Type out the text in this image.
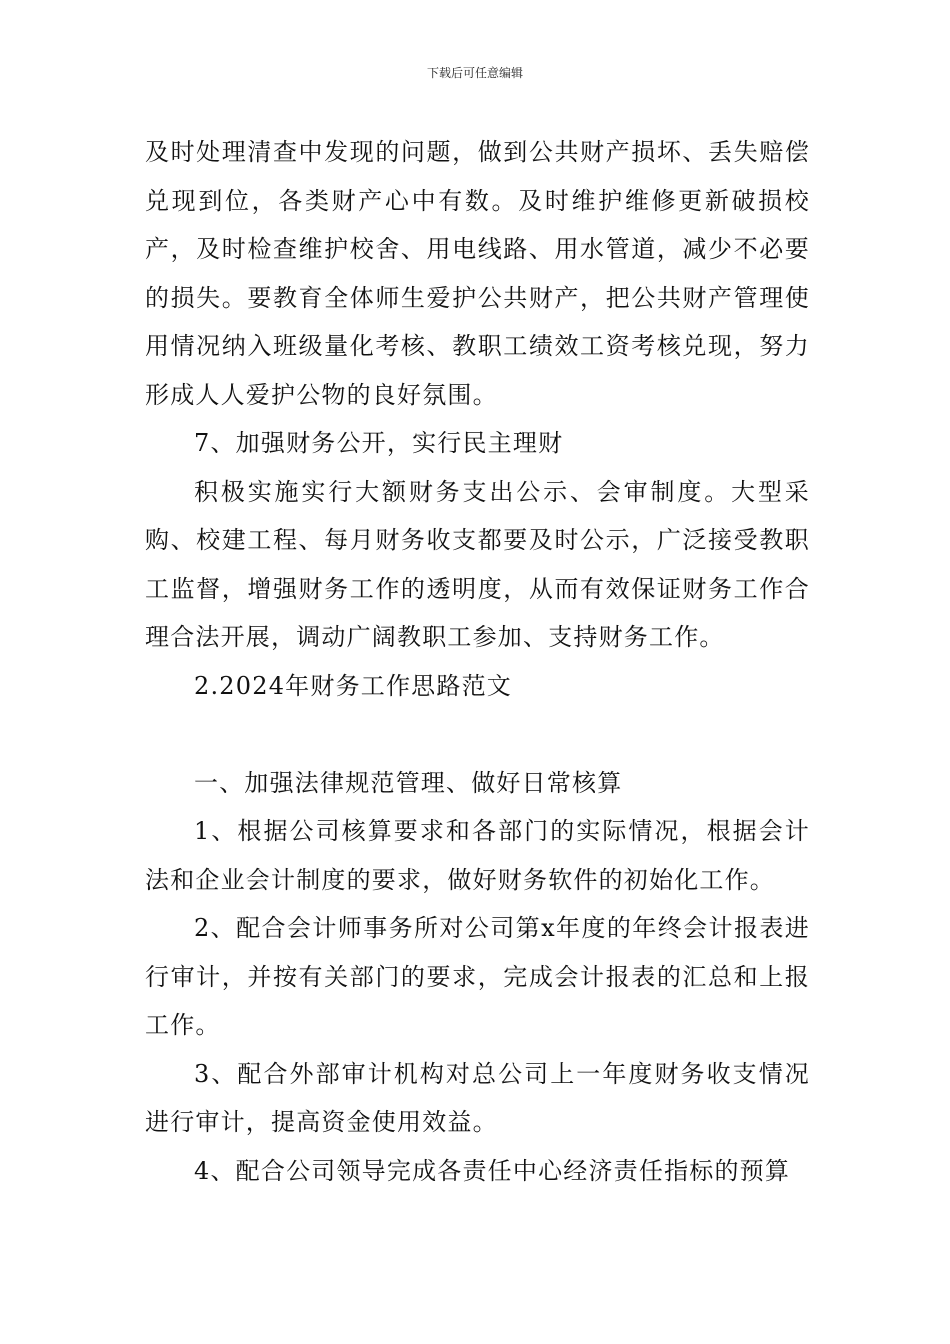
下载后可任意编辑

及时处理清查中发现的问题，做到公共财产损坏、丢失赔偿兑现到位，各类财产心中有数。及时维护维修更新破损校产，及时检查维护校舍、用电线路、用水管道，减少不必要的损失。要教育全体师生爱护公共财产，把公共财产管理使用情况纳入班级量化考核、教职工绩效工资考核兑现，努力形成人人爱护公物的良好氛围。

7、加强财务公开，实行民主理财

积极实施实行大额财务支出公示、会审制度。大型采购、校建工程、每月财务收支都要及时公示，广泛接受教职工监督，增强财务工作的透明度，从而有效保证财务工作合理合法开展，调动广阔教职工参加、支持财务工作。

2.2024年财务工作思路范文

一、加强法律规范管理、做好日常核算

1、根据公司核算要求和各部门的实际情况，根据会计法和企业会计制度的要求，做好财务软件的初始化工作。

2、配合会计师事务所对公司第x年度的年终会计报表进行审计，并按有关部门的要求，完成会计报表的汇总和上报工作。

3、配合外部审计机构对总公司上一年度财务收支情况进行审计，提高资金使用效益。

4、配合公司领导完成各责任中心经济责任指标的预算
